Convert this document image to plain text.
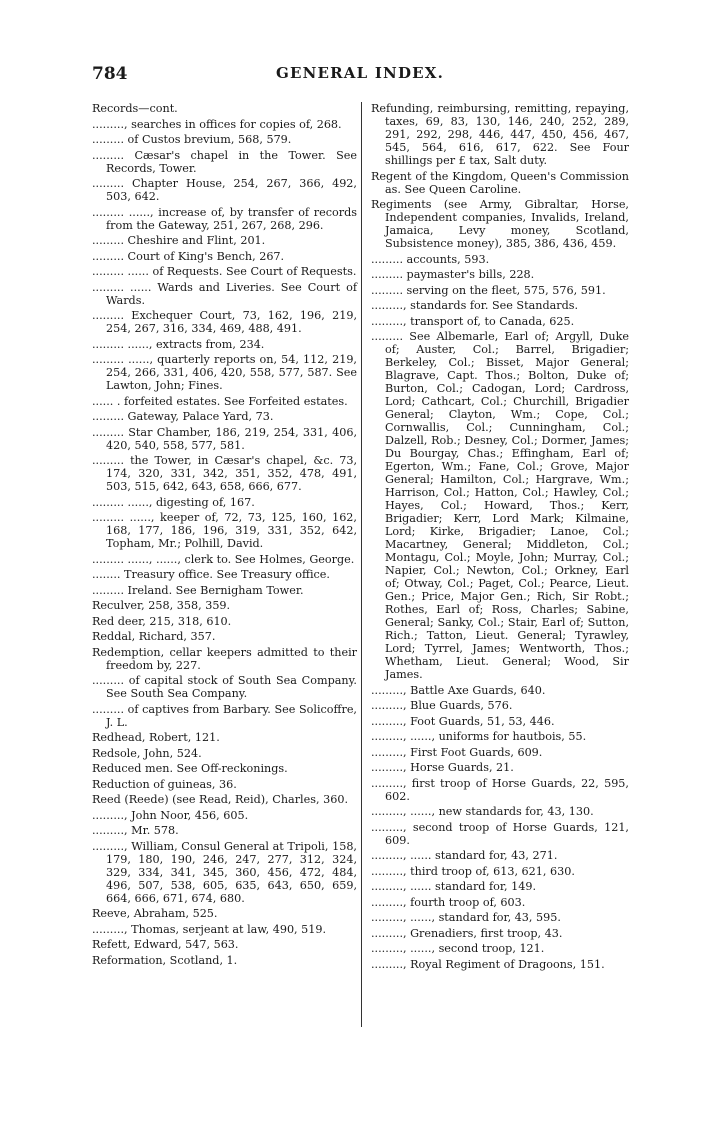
784	GENERAL INDEX.
Records—cont.
........., searches in offices for copies of, 268.
......... of Custos brevium, 568, 579.
......... Cæsar's chapel in the Tower. See Records, Tower.
......... Chapter House, 254, 267, 366, 492, 503, 642.
......... ......, increase of, by transfer of records from the Gateway, 251, 267, 268, 296.
......... Cheshire and Flint, 201.
......... Court of King's Bench, 267.
......... ...... of Requests. See Court of Requests.
......... ...... Wards and Liveries. See Court of Wards.
......... Exchequer Court, 73, 162, 196, 219, 254, 267, 316, 334, 469, 488, 491.
......... ......, extracts from, 234.
......... ......, quarterly reports on, 54, 112, 219, 254, 266, 331, 406, 420, 558, 577, 587. See Lawton, John; Fines.
...... . forfeited estates. See Forfeited estates.
......... Gateway, Palace Yard, 73.
......... Star Chamber, 186, 219, 254, 331, 406, 420, 540, 558, 577, 581.
......... the Tower, in Cæsar's chapel, &c. 73, 174, 320, 331, 342, 351, 352, 478, 491, 503, 515, 642, 643, 658, 666, 677.
......... ......, digesting of, 167.
......... ......, keeper of, 72, 73, 125, 160, 162, 168, 177, 186, 196, 319, 331, 352, 642, Topham, Mr.; Polhill, David.
......... ......, ......, clerk to. See Holmes, George.
........ Treasury office. See Treasury office.
......... Ireland. See Bernigham Tower.
Reculver, 258, 358, 359.
Red deer, 215, 318, 610.
Reddal, Richard, 357.
Redemption, cellar keepers admitted to their freedom by, 227.
......... of capital stock of South Sea Company. See South Sea Company.
......... of captives from Barbary. See Solicoffre, J. L.
Redhead, Robert, 121.
Redsole, John, 524.
Reduced men. See Off-reckonings.
Reduction of guineas, 36.
Reed (Reede) (see Read, Reid), Charles, 360.
........., John Noor, 456, 605.
........., Mr. 578.
........., William, Consul General at Tripoli, 158, 179, 180, 190, 246, 247, 277, 312, 324, 329, 334, 341, 345, 360, 456, 472, 484, 496, 507, 538, 605, 635, 643, 650, 659, 664, 666, 671, 674, 680.
Reeve, Abraham, 525.
........., Thomas, serjeant at law, 490, 519.
Refett, Edward, 547, 563.
Reformation, Scotland, 1.
Refunding, reimbursing, remitting, repaying, taxes, 69, 83, 130, 146, 240, 252, 289, 291, 292, 298, 446, 447, 450, 456, 467, 545, 564, 616, 617, 622. See Four shillings per £ tax, Salt duty.
Regent of the Kingdom, Queen's Commission as. See Queen Caroline.
Regiments (see Army, Gibraltar, Horse, Independent companies, Invalids, Ireland, Jamaica, Levy money, Scotland, Subsistence money), 385, 386, 436, 459.
......... accounts, 593.
......... paymaster's bills, 228.
......... serving on the fleet, 575, 576, 591.
........., standards for. See Standards.
........., transport of, to Canada, 625.
......... See Albemarle, Earl of; Argyll, Duke of; Auster, Col.; Barrel, Brigadier; Berkeley, Col.; Bisset, Major General; Blagrave, Capt. Thos.; Bolton, Duke of; Burton, Col.; Cadogan, Lord; Cardross, Lord; Cathcart, Col.; Churchill, Brigadier General; Clayton, Wm.; Cope, Col.; Cornwallis, Col.; Cunningham, Col.; Dalzell, Rob.; Desney, Col.; Dormer, James; Du Bourgay, Chas.; Effingham, Earl of; Egerton, Wm.; Fane, Col.; Grove, Major General; Hamilton, Col.; Hargrave, Wm.; Harrison, Col.; Hatton, Col.; Hawley, Col.; Hayes, Col.; Howard, Thos.; Kerr, Brigadier; Kerr, Lord Mark; Kilmaine, Lord; Kirke, Brigadier; Lanoe, Col.; Macartney, General; Middleton, Col.; Montagu, Col.; Moyle, John; Murray, Col.; Napier, Col.; Newton, Col.; Orkney, Earl of; Otway, Col.; Paget, Col.; Pearce, Lieut. Gen.; Price, Major Gen.; Rich, Sir Robt.; Rothes, Earl of; Ross, Charles; Sabine, General; Sanky, Col.; Stair, Earl of; Sutton, Rich.; Tatton, Lieut. General; Tyrawley, Lord; Tyrrel, James; Wentworth, Thos.; Whetham, Lieut. General; Wood, Sir James.
........., Battle Axe Guards, 640.
........., Blue Guards, 576.
........., Foot Guards, 51, 53, 446.
........., ......, uniforms for hautbois, 55.
........., First Foot Guards, 609.
........., Horse Guards, 21.
........., first troop of Horse Guards, 22, 595, 602.
........., ......, new standards for, 43, 130.
........., second troop of Horse Guards, 121, 609.
........., ...... standard for, 43, 271.
........., third troop of, 613, 621, 630.
........., ...... standard for, 149.
........., fourth troop of, 603.
........., ......, standard for, 43, 595.
........., Grenadiers, first troop, 43.
........., ......, second troop, 121.
........., Royal Regiment of Dragoons, 151.
